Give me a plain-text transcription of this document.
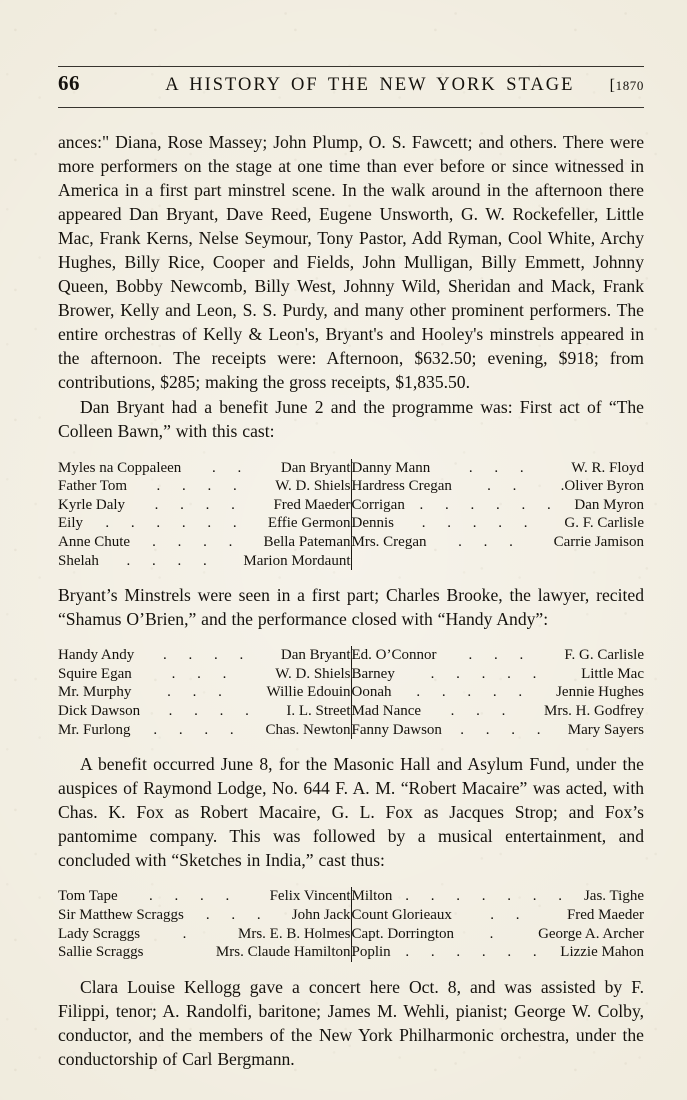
66	A HISTORY OF THE NEW YORK STAGE	[1870

ances:" Diana, Rose Massey; John Plump, O. S. Fawcett; and others. There were more performers on the stage at one time than ever before or since witnessed in America in a first part minstrel scene. In the walk around in the afternoon there appeared Dan Bryant, Dave Reed, Eugene Unsworth, G. W. Rockefeller, Little Mac, Frank Kerns, Nelse Seymour, Tony Pastor, Add Ryman, Cool White, Archy Hughes, Billy Rice, Cooper and Fields, John Mulligan, Billy Emmett, Johnny Queen, Bobby Newcomb, Billy West, Johnny Wild, Sheridan and Mack, Frank Brower, Kelly and Leon, S. S. Purdy, and many other prominent performers. The entire orchestras of Kelly & Leon's, Bryant's and Hooley's minstrels appeared in the afternoon. The receipts were: Afternoon, $632.50; evening, $918; from contributions, $285; making the gross receipts, $1,835.50.

Dan Bryant had a benefit June 2 and the programme was: First act of “The Colleen Bawn,” with this cast:

Myles na Coppaleen . . Dan Bryant	Danny Mann . . . W. R. Floyd

Father Tom . . . . W. D. Shiels	Hardress Cregan . . .Oliver Byron

Kyrle Daly . . . . Fred Maeder	Corrigan . . . . . . Dan Myron

Eily . . . . . . Effie Germon	Dennis . . . . . G. F. Carlisle

Anne Chute . . . . Bella Pateman	Mrs. Cregan . . . Carrie Jamison

Shelah . . . . Marion Mordaunt	

Bryant’s Minstrels were seen in a first part; Charles Brooke, the lawyer, recited “Shamus O’Brien,” and the performance closed with “Handy Andy”:

Handy Andy . . . . Dan Bryant	Ed. O’Connor . . . F. G. Carlisle

Squire Egan . . . W. D. Shiels	Barney . . . . . Little Mac

Mr. Murphy . . . Willie Edouin	Oonah . . . . . Jennie Hughes

Dick Dawson . . . . I. L. Street	Mad Nance . . . Mrs. H. Godfrey

Mr. Furlong . . . . Chas. Newton	Fanny Dawson . . . . Mary Sayers

A benefit occurred June 8, for the Masonic Hall and Asylum Fund, under the auspices of Raymond Lodge, No. 644 F. A. M. “Robert Macaire” was acted, with Chas. K. Fox as Robert Macaire, G. L. Fox as Jacques Strop; and Fox’s pantomime company. This was followed by a musical entertainment, and concluded with “Sketches in India,” cast thus:

Tom Tape . . . . Felix Vincent	Milton . . . . . . . Jas. Tighe

Sir Matthew Scraggs . . . John Jack	Count Glorieaux . . Fred Maeder

Lady Scraggs . Mrs. E. B. Holmes	Capt. Dorrington . George A. Archer

Sallie Scraggs Mrs. Claude Hamilton	Poplin . . . . . . Lizzie Mahon

Clara Louise Kellogg gave a concert here Oct. 8, and was assisted by F. Filippi, tenor; A. Randolfi, baritone; James M. Wehli, pianist; George W. Colby, conductor, and the members of the New York Philharmonic orchestra, under the conductorship of Carl Bergmann.
